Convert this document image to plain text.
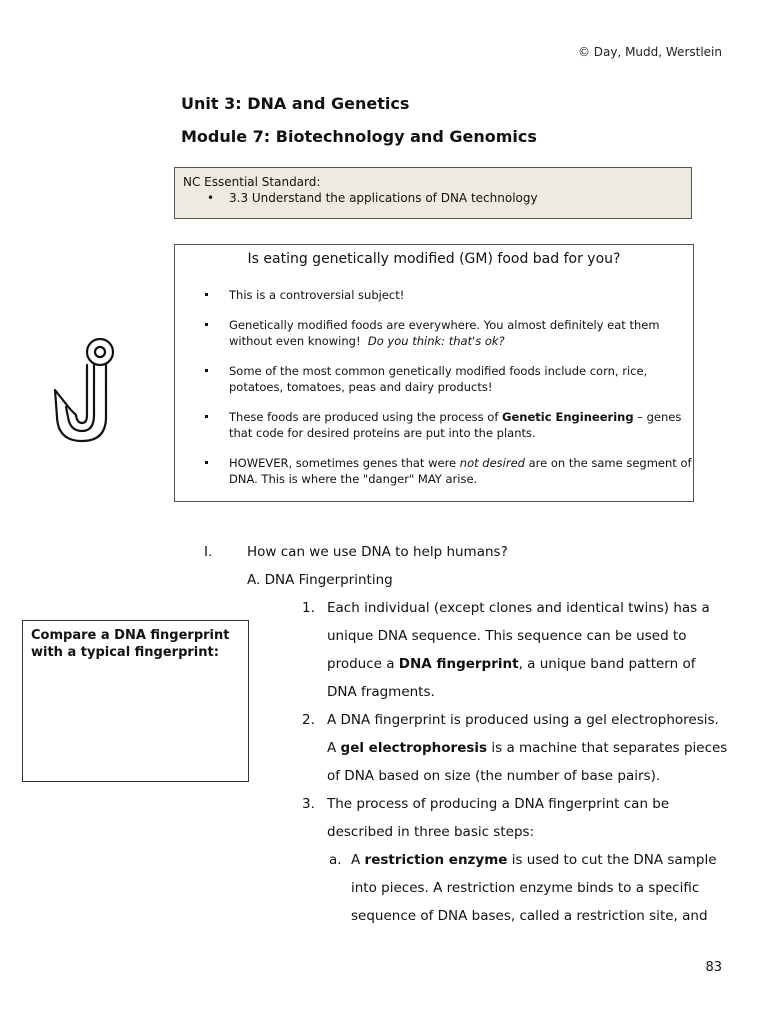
© Day, Mudd, Werstlein
Unit 3: DNA and Genetics
Module 7: Biotechnology and Genomics
NC Essential Standard:
• 3.3 Understand the applications of DNA technology
Is eating genetically modified (GM) food bad for you?
This is a controversial subject!
Genetically modified foods are everywhere. You almost definitely eat them
without even knowing!  Do you think: that's ok?
Some of the most common genetically modified foods include corn, rice,
potatoes, tomatoes, peas and dairy products!
These foods are produced using the process of Genetic Engineering – genes
that code for desired proteins are put into the plants.
HOWEVER, sometimes genes that were not desired are on the same segment of
DNA. This is where the "danger" MAY arise.
I.	How can we use DNA to help humans?
A. DNA Fingerprinting
Compare a DNA fingerprint
with a typical fingerprint:
1. Each individual (except clones and identical twins) has a
unique DNA sequence. This sequence can be used to
produce a DNA fingerprint, a unique band pattern of
DNA fragments.
2. A DNA fingerprint is produced using a gel electrophoresis.
A gel electrophoresis is a machine that separates pieces
of DNA based on size (the number of base pairs).
3. The process of producing a DNA fingerprint can be
described in three basic steps:
a. A restriction enzyme is used to cut the DNA sample
into pieces. A restriction enzyme binds to a specific
sequence of DNA bases, called a restriction site, and
83
